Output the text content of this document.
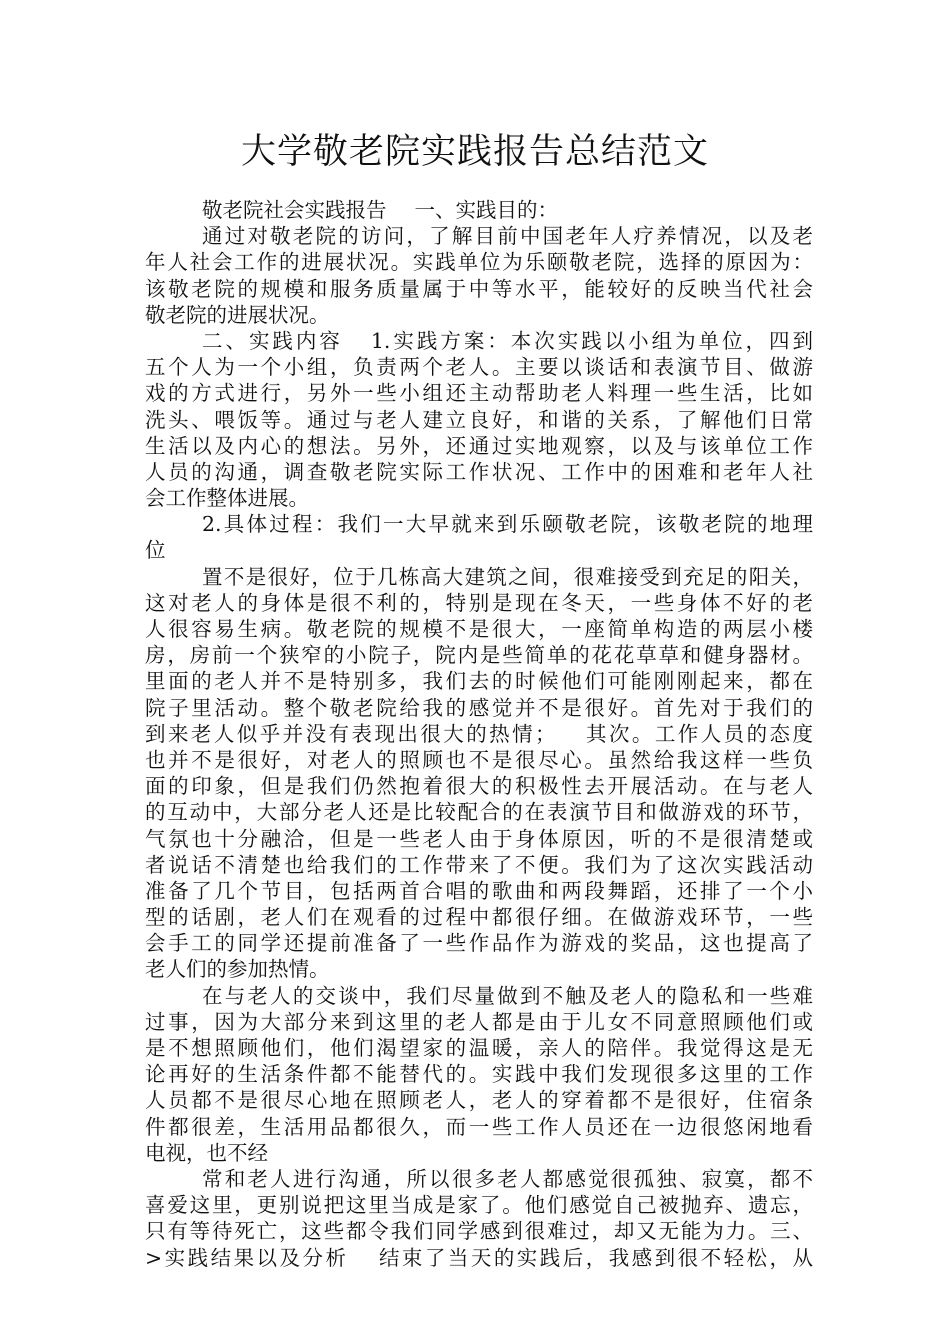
大学敬老院实践报告总结范文
敬老院社会实践报告 一、实践目的：
通过对敬老院的访问，了解目前中国老年人疗养情况，以及老
年人社会工作的进展状况。实践单位为乐颐敬老院，选择的原因为：
该敬老院的规模和服务质量属于中等水平，能较好的反映当代社会
敬老院的进展状况。
二、实践内容 1.实践方案：本次实践以小组为单位，四到
五个人为一个小组，负责两个老人。主要以谈话和表演节目、做游
戏的方式进行，另外一些小组还主动帮助老人料理一些生活，比如
洗头、喂饭等。通过与老人建立良好，和谐的关系，了解他们日常
生活以及内心的想法。另外，还通过实地观察，以及与该单位工作
人员的沟通，调查敬老院实际工作状况、工作中的困难和老年人社
会工作整体进展。
2.具体过程：我们一大早就来到乐颐敬老院，该敬老院的地理
位
置不是很好，位于几栋高大建筑之间，很难接受到充足的阳关，
这对老人的身体是很不利的，特别是现在冬天，一些身体不好的老
人很容易生病。敬老院的规模不是很大，一座简单构造的两层小楼
房，房前一个狭窄的小院子，院内是些简单的花花草草和健身器材。
里面的老人并不是特别多，我们去的时候他们可能刚刚起来，都在
院子里活动。整个敬老院给我的感觉并不是很好。首先对于我们的
到来老人似乎并没有表现出很大的热情； 其次。工作人员的态度
也并不是很好，对老人的照顾也不是很尽心。虽然给我这样一些负
面的印象，但是我们仍然抱着很大的积极性去开展活动。在与老人
的互动中，大部分老人还是比较配合的在表演节目和做游戏的环节，
气氛也十分融洽，但是一些老人由于身体原因，听的不是很清楚或
者说话不清楚也给我们的工作带来了不便。我们为了这次实践活动
准备了几个节目，包括两首合唱的歌曲和两段舞蹈，还排了一个小
型的话剧，老人们在观看的过程中都很仔细。在做游戏环节，一些
会手工的同学还提前准备了一些作品作为游戏的奖品，这也提高了
老人们的参加热情。
在与老人的交谈中，我们尽量做到不触及老人的隐私和一些难
过事，因为大部分来到这里的老人都是由于儿女不同意照顾他们或
是不想照顾他们，他们渴望家的温暖，亲人的陪伴。我觉得这是无
论再好的生活条件都不能替代的。实践中我们发现很多这里的工作
人员都不是很尽心地在照顾老人，老人的穿着都不是很好，住宿条
件都很差，生活用品都很久，而一些工作人员还在一边很悠闲地看
电视，也不经
常和老人进行沟通，所以很多老人都感觉很孤独、寂寞，都不
喜爱这里，更别说把这里当成是家了。他们感觉自己被抛弃、遗忘，
只有等待死亡，这些都令我们同学感到很难过，却又无能为力。三、
>实践结果以及分析 结束了当天的实践后，我感到很不轻松，从
